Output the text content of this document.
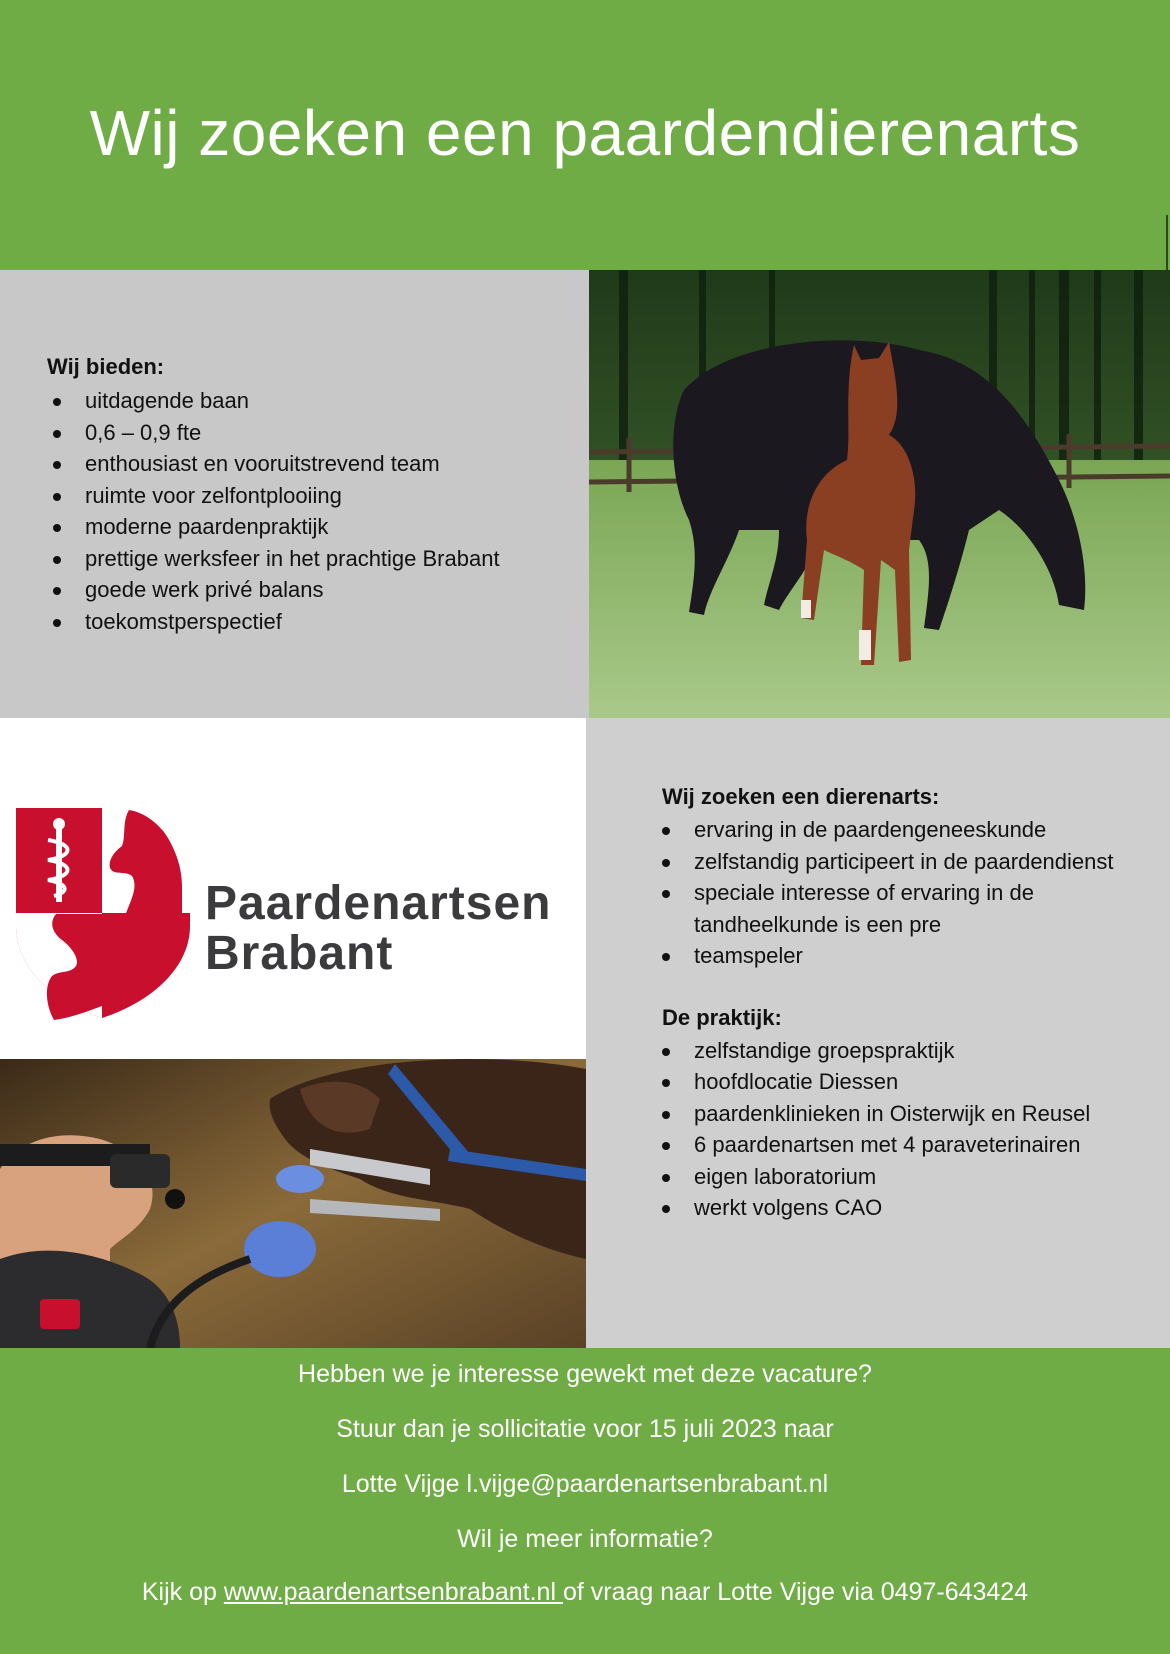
Wij zoeken een paardendierenarts
Wij bieden:
uitdagende baan
0,6 – 0,9 fte
enthousiast en vooruitstrevend team
ruimte voor zelfontplooiing
moderne paardenpraktijk
prettige werksfeer in het prachtige Brabant
goede werk privé balans
toekomstperspectief
Paardenartsen
Brabant
Wij zoeken een dierenarts:
ervaring in de paardengeneeskunde
zelfstandig participeert in de paardendienst
speciale interesse of ervaring in de tandheelkunde is een pre
teamspeler
De praktijk:
zelfstandige groepspraktijk
hoofdlocatie Diessen
paardenklinieken in Oisterwijk en Reusel
6 paardenartsen met 4 paraveterinairen
eigen laboratorium
werkt volgens CAO
Hebben we je interesse gewekt met deze vacature?
Stuur dan je sollicitatie voor 15 juli 2023 naar
Lotte Vijge l.vijge@paardenartsenbrabant.nl
Wil je meer informatie?
Kijk op www.paardenartsenbrabant.nl of vraag naar Lotte Vijge via 0497-643424
